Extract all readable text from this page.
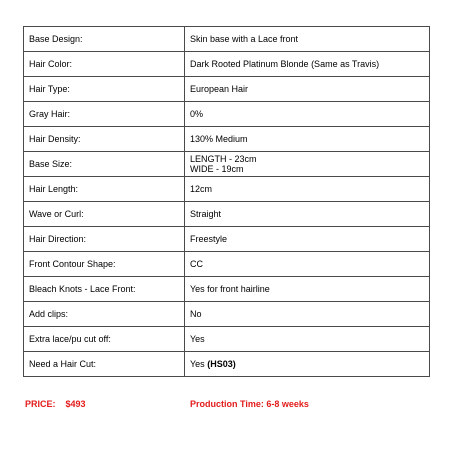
Base Design:	Skin base with a Lace front

Hair Color:	Dark Rooted Platinum Blonde (Same as Travis)

Hair Type:	European Hair

Gray Hair:	0%

Hair Density:	130% Medium

Base Size:	LENGTH - 23cm
WIDE - 19cm

Hair Length:	12cm

Wave or Curl:	Straight

Hair Direction:	Freestyle

Front Contour Shape:	CC

Bleach Knots - Lace Front:	Yes for front hairline

Add clips:	No

Extra lace/pu cut off:	Yes

Need a Hair Cut:	Yes (HS03)
PRICE: $493	Production Time: 6-8 weeks
